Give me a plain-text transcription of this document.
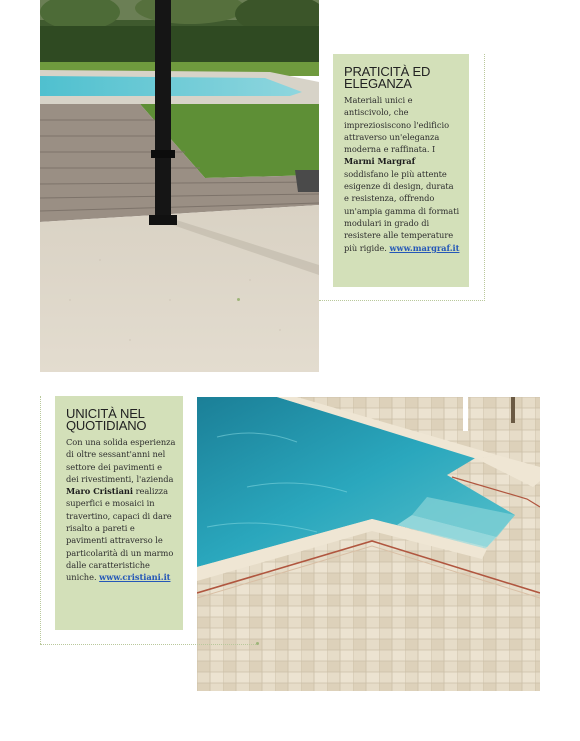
PRATICITÀ ED ELEGANZA

Materiali unici e antiscivolo, che impreziosiscono l'edificio attraverso un'eleganza moderna e raffinata. I Marmi Margraf soddisfano le più attente esigenze di design, durata e resistenza, offrendo un'ampia gamma di formati modulari in grado di resistere alle temperature più rigide. www.margraf.it

UNICITÀ NEL QUOTIDIANO

Con una solida esperienza di oltre sessant'anni nel settore dei pavimenti e dei rivestimenti, l'azienda Maro Cristiani realizza superfici e mosaici in travertino, capaci di dare risalto a pareti e pavimenti attraverso le particolarità di un marmo dalle caratteristiche uniche. www.cristiani.it
